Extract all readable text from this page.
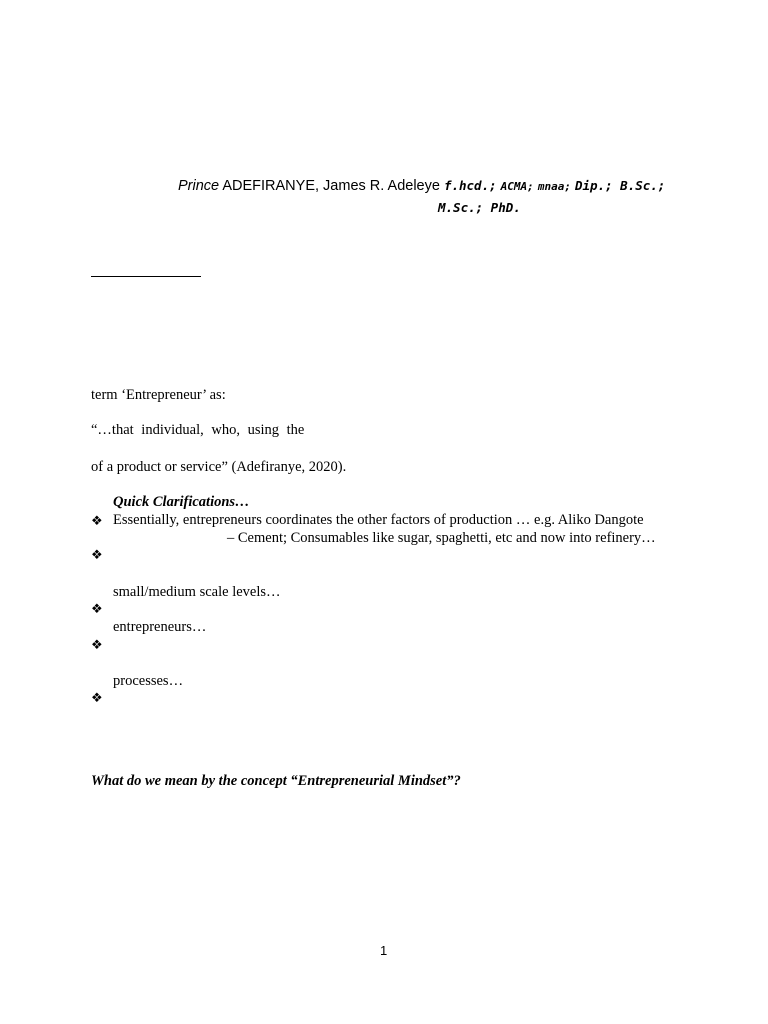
Prince ADEFIRANYE, James R. Adeleye f.hcd.; ACMA; mnaa; Dip.; B.Sc.;
M.Sc.; PhD.
term ‘Entrepreneur’ as:
“…that individual, who, using the
of a product or service” (Adefiranye, 2020).
Quick Clarifications…
❖ Essentially, entrepreneurs coordinates the other factors of production … e.g. Aliko Dangote
– Cement; Consumables like sugar, spaghetti, etc and now into refinery…
❖
small/medium scale levels…
❖
entrepreneurs…
❖
processes…
❖
What do we mean by the concept “Entrepreneurial Mindset”?
1
